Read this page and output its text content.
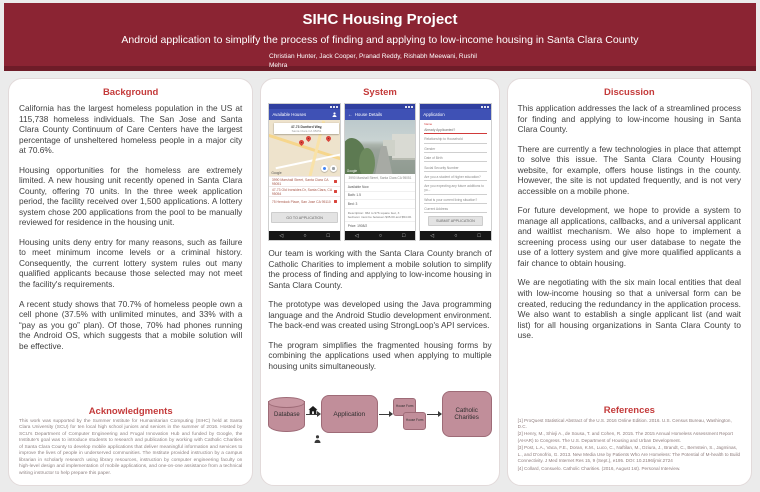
SIHC Housing Project
Android application to simplify the process of finding and applying to low-income housing in Santa Clara County
Christian Hunter, Jack Cooper, Pranad Reddy, Rishabh Meewani, Rushil
Mehra
Background

California has the largest homeless population in the US at 115,738 homeless individuals. The San Jose and Santa Clara County Continuum of Care Centers have the largest percentage of unsheltered homeless people in a major city at 70.6%.

Housing opportunities for the homeless are extremely limited. A new housing unit recently opened in Santa Clara County, offering 70 units. In the three week application period, the facility received over 1,500 applications. A lottery system chose 200 applications from the pool to be manually reviewed for residence in the housing unit.

Housing units deny entry for many reasons, such as failure to meet minimum income levels or a criminal history. Consequently, the current lottery system rules out many qualified applicants because those selected may not meet the facility's requirements.

A recent study shows that 70.7% of homeless people own a cell phone (37.5% with unlimited minutes, and 33% with a “pay as you go” plan). Of those, 70% had phones running the Android OS, which suggests that a mobile solution will be effective.

Acknowledgments
This work was supported by the Summer Institute for Humanitarian Computing (SIHC) held at Santa Clara University (SCU) for ten local high school juniors and seniors in the summer of 2016. Hosted by SCU's Department of Computer Engineering and Frugal Innovation Hub and funded by Google, the Institute's goal was to introduce students to research and publication by working with Catholic Charities of Santa Clara County to develop mobile applications that deliver meaningful information and services to improve the lives of people in underserved communities. The Institute provided instruction by a campus librarian in scholarly research using library resources, instruction by computer engineering faculty on high-level design and implementation of mobile applications, and one-on-one assistance from a technical writing instructor to help prepare this paper.
System
Available Houses
47-73 Dunford Way,
Santa Clara CA 95051
Google
3990 Marshall Street, Santa Clara CA 95051
47-73 Old Ironsides Dr, Santa Clara, CA 95054
75 Hemlock Place, San Jose CA 95110
GO TO APPLICATION
◁	○	□
← House Details
Google
3990 Marshall Street, Santa Clara CA 95051
Available Now
Bath: 1.5
Bed: 3
Description: 962 to 976 square feet, 3 bedroom must be between $35.00 and $54.00.
Price: 1908/2
◁	○	□
Application
Name
Already Applicanted?
Relationship to Household
Gender
Date of Birth
Social Security Number
Are you a student of higher education?
Are you expecting any future additions to yo...
What is your current living situation?
Current Address
SUBMIT APPLICATION
◁	○	□

Our team is working with the Santa Clara County branch of Catholic Charities to implement a mobile solution to simplify the process of finding and applying to low-income housing in Santa Clara County.

The prototype was developed using the Java programming language and the Android Studio development environment. The back-end was created using StrongLoop's API services.

The program simplifies the fragmented housing forms by combining the applications used when applying to multiple housing units simultaneously.

Database	Application
House Form
House Form
Catholic Charities
Discussion

This application addresses the lack of a streamlined process for finding and applying to low-income housing in Santa Clara County.

There are currently a few technologies in place that attempt to solve this issue. The Santa Clara County Housing website, for example, offers house listings in the county. However, the site is not updated frequently, and is not very accessible on a mobile phone.

For future development, we hope to provide a system to manage all applications, callbacks, and a universal applicant and waitlist mechanism. We also hope to implement a screening process using our user database to negate the use of a lottery system and give more qualified applicants a fair chance to obtain housing.

We are negotiating with the six main local entities that deal with low-income housing so that a universal form can be created, reducing the redundancy in the application process. We also want to establish a single applicant list (and wait list) for all housing organizations in Santa Clara County to use.

References
[1] ProQuest Statistical Abstract of the U.S. 2016 Online Edition. 2016. U.S. Census Bureau, Washington, D.C.
[2] Henry, M., Shivji A., de Sousa, T. and Cohen, R. 2015. The 2015 Annual Homeless Assessment Report (AHAR) to Congress. The U.S. Department of Housing and Urban Development.
[3] Post, L.A., Vaca, F.E., Doran, K.M., Luco, C., Naftilan, M., Dziura, J., Brandt, C., Bernstein, S., Jagminas, L., and D'onofrio, G. 2013. New Media Use by Patients Who Are Homeless: The Potential of M-health to Build Connectivity. J Med Internet Res 15, 9 (Sept.), e195. DOI: 10.2196/jmir.2724
[4] Collard, Consuelo. Catholic Charities. (2016, August 1st). Personal Interview.
